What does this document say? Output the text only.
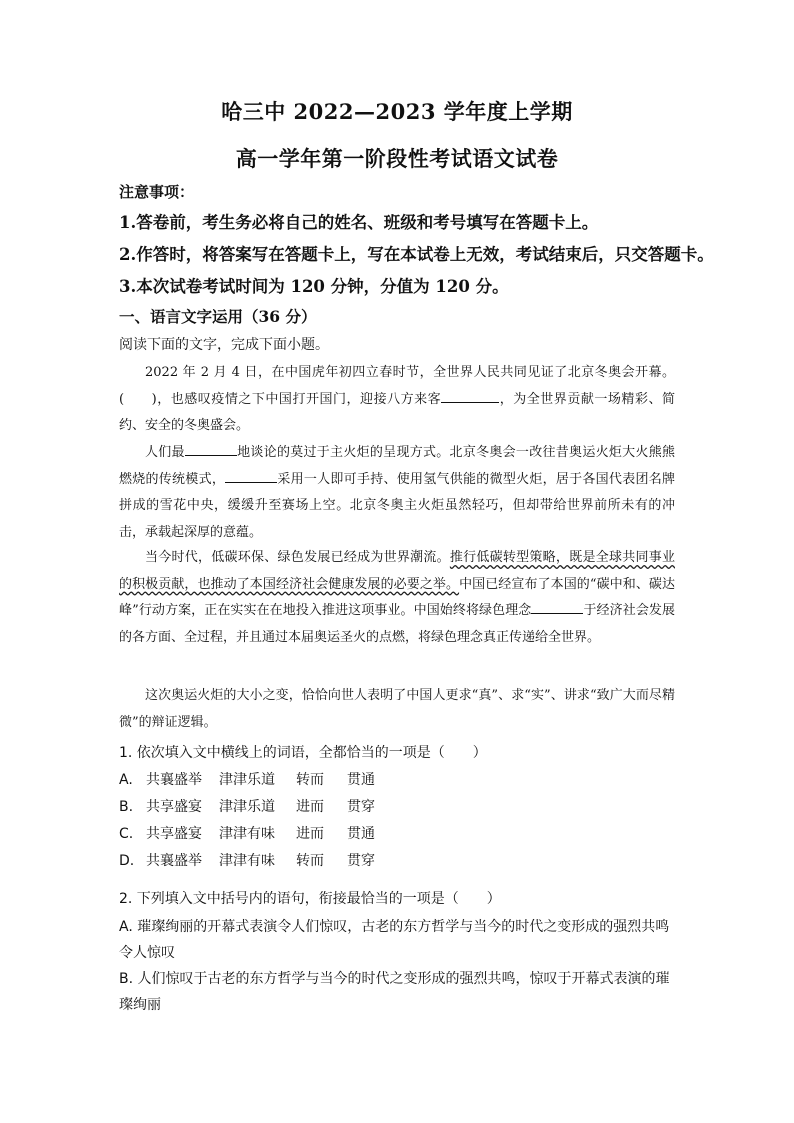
哈三中 2022—2023 学年度上学期
高一学年第一阶段性考试语文试卷
注意事项：
1.答卷前，考生务必将自己的姓名、班级和考号填写在答题卡上。
2.作答时，将答案写在答题卡上，写在本试卷上无效，考试结束后，只交答题卡。
3.本次试卷考试时间为 120 分钟，分值为 120 分。
一、语言文字运用（36 分）
阅读下面的文字，完成下面小题。

2022 年 2 月 4 日，在中国虎年初四立春时节，全世界人民共同见证了北京冬奥会开幕。(　　)，也感叹疫情之下中国打开国门，迎接八方来客	，为全世界贡献一场精彩、简约、安全的冬奥盛会。

人们最	地谈论的莫过于主火炬的呈现方式。北京冬奥会一改往昔奥运火炬大火熊熊燃烧的传统模式，	采用一人即可手持、使用氢气供能的微型火炬，居于各国代表团名牌拼成的雪花中央，缓缓升至赛场上空。北京冬奥主火炬虽然轻巧，但却带给世界前所未有的冲击，承载起深厚的意蕴。

当今时代，低碳环保、绿色发展已经成为世界潮流。推行低碳转型策略，既是全球共同事业的积极贡献，也推动了本国经济社会健康发展的必要之举。中国已经宣布了本国的“碳中和、碳达峰”行动方案，正在实实在在地投入推进这项事业。中国始终将绿色理念	于经济社会发展的各方面、全过程，并且通过本届奥运圣火的点燃，将绿色理念真正传递给全世界。

这次奥运火炬的大小之变，恰恰向世人表明了中国人更求“真”、求“实”、讲求“致广大而尽精微”的辩证逻辑。

1. 依次填入文中横线上的词语，全都恰当的一项是（　　）
A. 共襄盛举 津津乐道 转而 贯通
B. 共享盛宴 津津乐道 进而 贯穿
C. 共享盛宴 津津有味 进而 贯通
D. 共襄盛举 津津有味 转而 贯穿
2. 下列填入文中括号内的语句，衔接最恰当的一项是（　　）
A. 璀璨绚丽的开幕式表演令人们惊叹，古老的东方哲学与当今的时代之变形成的强烈共鸣令人惊叹
B. 人们惊叹于古老的东方哲学与当今的时代之变形成的强烈共鸣，惊叹于开幕式表演的璀璨绚丽
